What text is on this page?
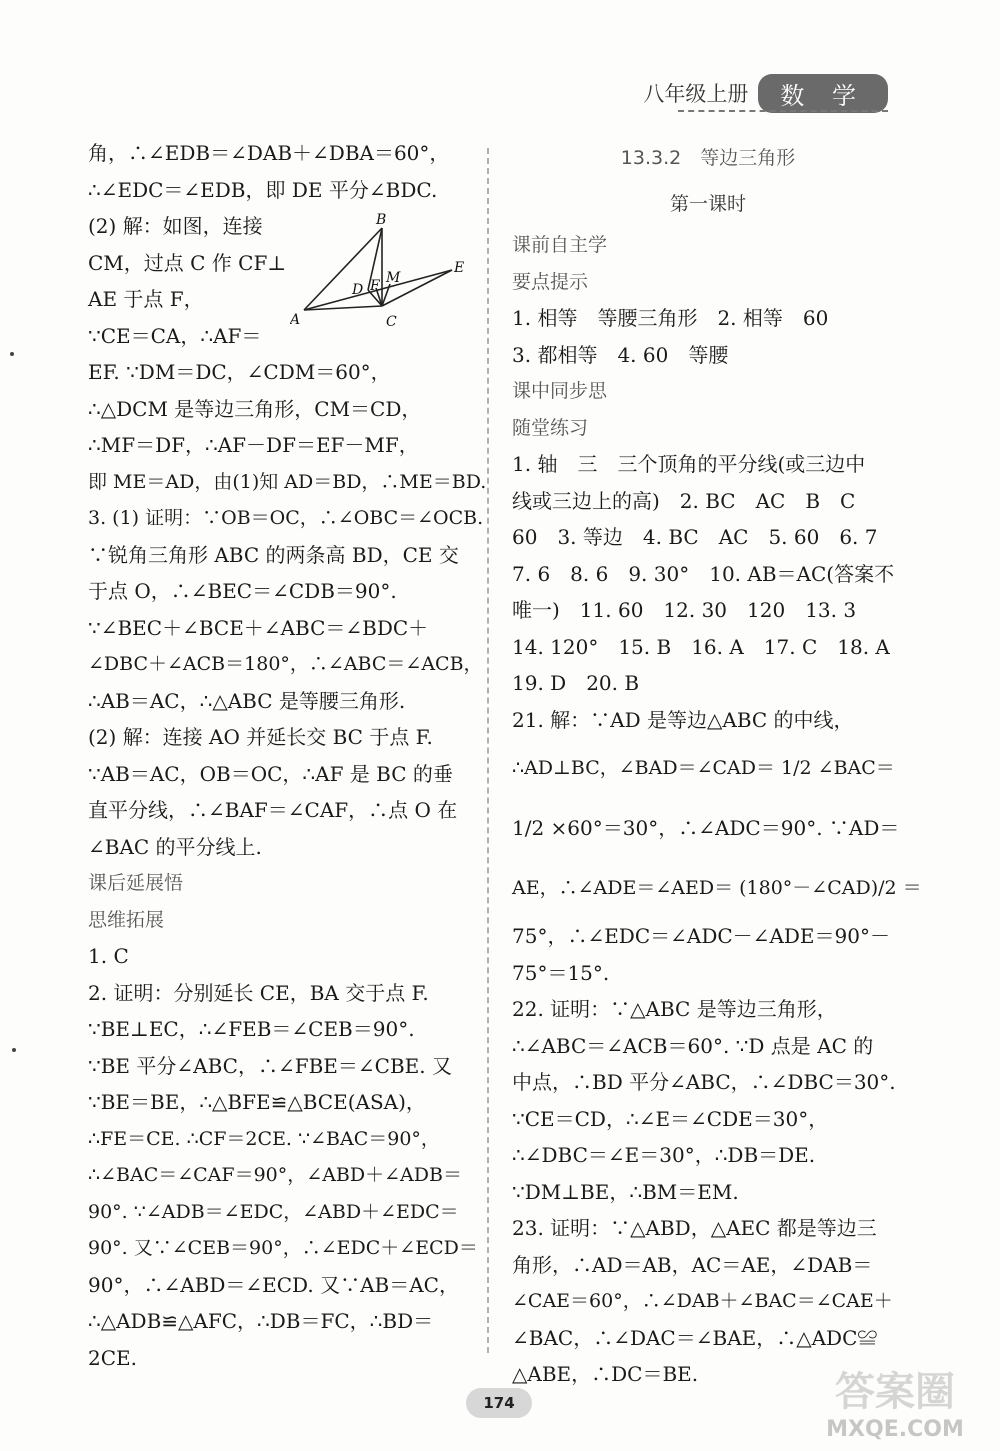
八年级上册	数 学
角，∴∠EDB＝∠DAB＋∠DBA＝60°，
∴∠EDC＝∠EDB，即 DE 平分∠BDC.
(2) 解：如图，连接
CM，过点 C 作 CF⊥
AE 于点 F，
∵CE＝CA，∴AF＝
EF. ∵DM＝DC，∠CDM＝60°，
∴△DCM 是等边三角形，CM＝CD，
∴MF＝DF，∴AF－DF＝EF－MF，
即 ME＝AD，由(1)知 AD＝BD，∴ME＝BD.
3. (1) 证明：∵OB＝OC，∴∠OBC＝∠OCB.
∵锐角三角形 ABC 的两条高 BD，CE 交
于点 O，∴∠BEC＝∠CDB＝90°.
∵∠BEC＋∠BCE＋∠ABC＝∠BDC＋
∠DBC＋∠ACB＝180°，∴∠ABC＝∠ACB，
∴AB＝AC，∴△ABC 是等腰三角形.
(2) 解：连接 AO 并延长交 BC 于点 F.
∵AB＝AC，OB＝OC，∴AF 是 BC 的垂
直平分线，∴∠BAF＝∠CAF，∴点 O 在
∠BAC 的平分线上.
课后延展悟
思维拓展
1. C
2. 证明：分别延长 CE，BA 交于点 F.
∵BE⊥EC，∴∠FEB＝∠CEB＝90°.
∵BE 平分∠ABC，∴∠FBE＝∠CBE. 又
∵BE＝BE，∴△BFE≌△BCE(ASA)，
∴FE＝CE. ∴CF＝2CE. ∵∠BAC＝90°，
∴∠BAC＝∠CAF＝90°，∠ABD＋∠ADB＝
90°. ∵∠ADB＝∠EDC，∠ABD＋∠EDC＝
90°. 又∵∠CEB＝90°，∴∠EDC＋∠ECD＝
90°，∴∠ABD＝∠ECD. 又∵AB＝AC，
∴△ADB≌△AFC，∴DB＝FC，∴BD＝
2CE.
B
E
M
D F
A	C
13.3.2　等边三角形
第一课时
课前自主学
要点提示
1. 相等　等腰三角形　2. 相等　60
3. 都相等　4. 60　等腰
课中同步思
随堂练习
1. 轴　三　三个顶角的平分线(或三边中
线或三边上的高)　2. BC　AC　B　C
60　3. 等边　4. BC　AC　5. 60　6. 7
7. 6　8. 6　9. 30°　10. AB＝AC(答案不
唯一)　11. 60　12. 30　120　13. 3
14. 120°　15. B　16. A　17. C　18. A
19. D　20. B
21. 解：∵AD 是等边△ABC 的中线，
∴AD⊥BC，∠BAD＝∠CAD＝ 1/2 ∠BAC＝
1/2 ×60°＝30°，∴∠ADC＝90°. ∵AD＝
AE，∴∠ADE＝∠AED＝ (180°－∠CAD)/2 ＝
75°，∴∠EDC＝∠ADC－∠ADE＝90°－
75°＝15°.
22. 证明：∵△ABC 是等边三角形，
∴∠ABC＝∠ACB＝60°. ∵D 点是 AC 的
中点，∴BD 平分∠ABC，∴∠DBC＝30°.
∵CE＝CD，∴∠E＝∠CDE＝30°，
∴∠DBC＝∠E＝30°，∴DB＝DE.
∵DM⊥BE，∴BM＝EM.
23. 证明：∵△ABD，△AEC 都是等边三
角形，∴AD＝AB，AC＝AE，∠DAB＝
∠CAE＝60°，∴∠DAB＋∠BAC＝∠CAE＋
∠BAC，∴∠DAC＝∠BAE，∴△ADC≌
△ABE，∴DC＝BE.
174	答案圈
MXQE.COM
